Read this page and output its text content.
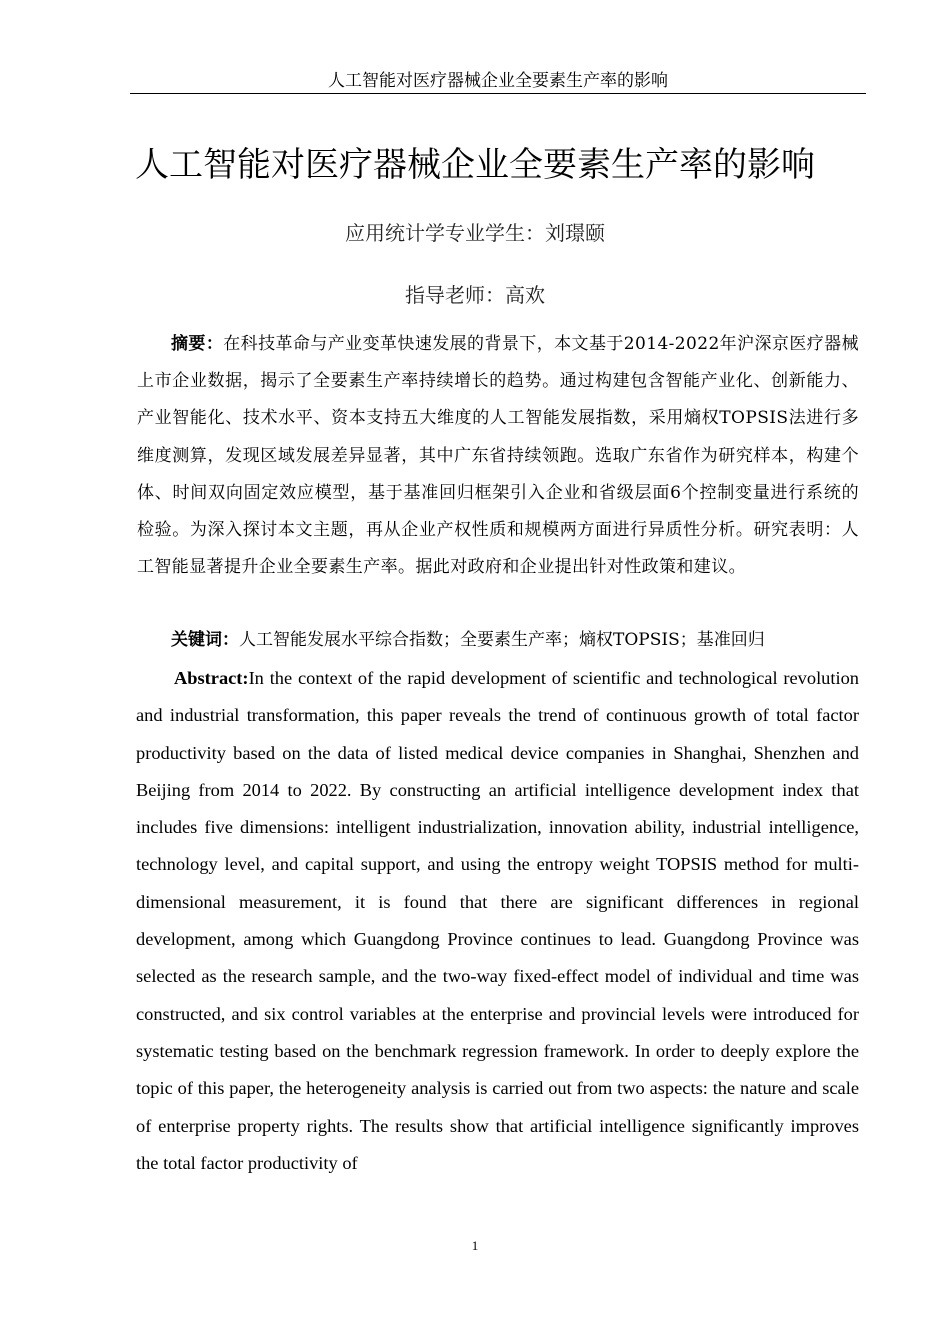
人工智能对医疗器械企业全要素生产率的影响
人工智能对医疗器械企业全要素生产率的影响
应用统计学专业学生：刘璟颐
指导老师：高欢

摘要：在科技革命与产业变革快速发展的背景下，本文基于2014-2022年沪深京医疗器械上市企业数据，揭示了全要素生产率持续增长的趋势。通过构建包含智能产业化、创新能力、产业智能化、技术水平、资本支持五大维度的人工智能发展指数，采用熵权TOPSIS法进行多维度测算，发现区域发展差异显著，其中广东省持续领跑。选取广东省作为研究样本，构建个体、时间双向固定效应模型，基于基准回归框架引入企业和省级层面6个控制变量进行系统的检验。为深入探讨本文主题，再从企业产权性质和规模两方面进行异质性分析。研究表明：人工智能显著提升企业全要素生产率。据此对政府和企业提出针对性政策和建议。

关键词：人工智能发展水平综合指数；全要素生产率；熵权TOPSIS；基准回归

Abstract:In the context of the rapid development of scientific and technological revolution and industrial transformation, this paper reveals the trend of continuous growth of total factor productivity based on the data of listed medical device companies in Shanghai, Shenzhen and Beijing from 2014 to 2022. By constructing an artificial intelligence development index that includes five dimensions: intelligent industrialization, innovation ability, industrial intelligence, technology level, and capital support, and using the entropy weight TOPSIS method for multi-dimensional measurement, it is found that there are significant differences in regional development, among which Guangdong Province continues to lead. Guangdong Province was selected as the research sample, and the two-way fixed-effect model of individual and time was constructed, and six control variables at the enterprise and provincial levels were introduced for systematic testing based on the benchmark regression framework. In order to deeply explore the topic of this paper, the heterogeneity analysis is carried out from two aspects: the nature and scale of enterprise property rights. The results show that artificial intelligence significantly improves the total factor productivity of

1
